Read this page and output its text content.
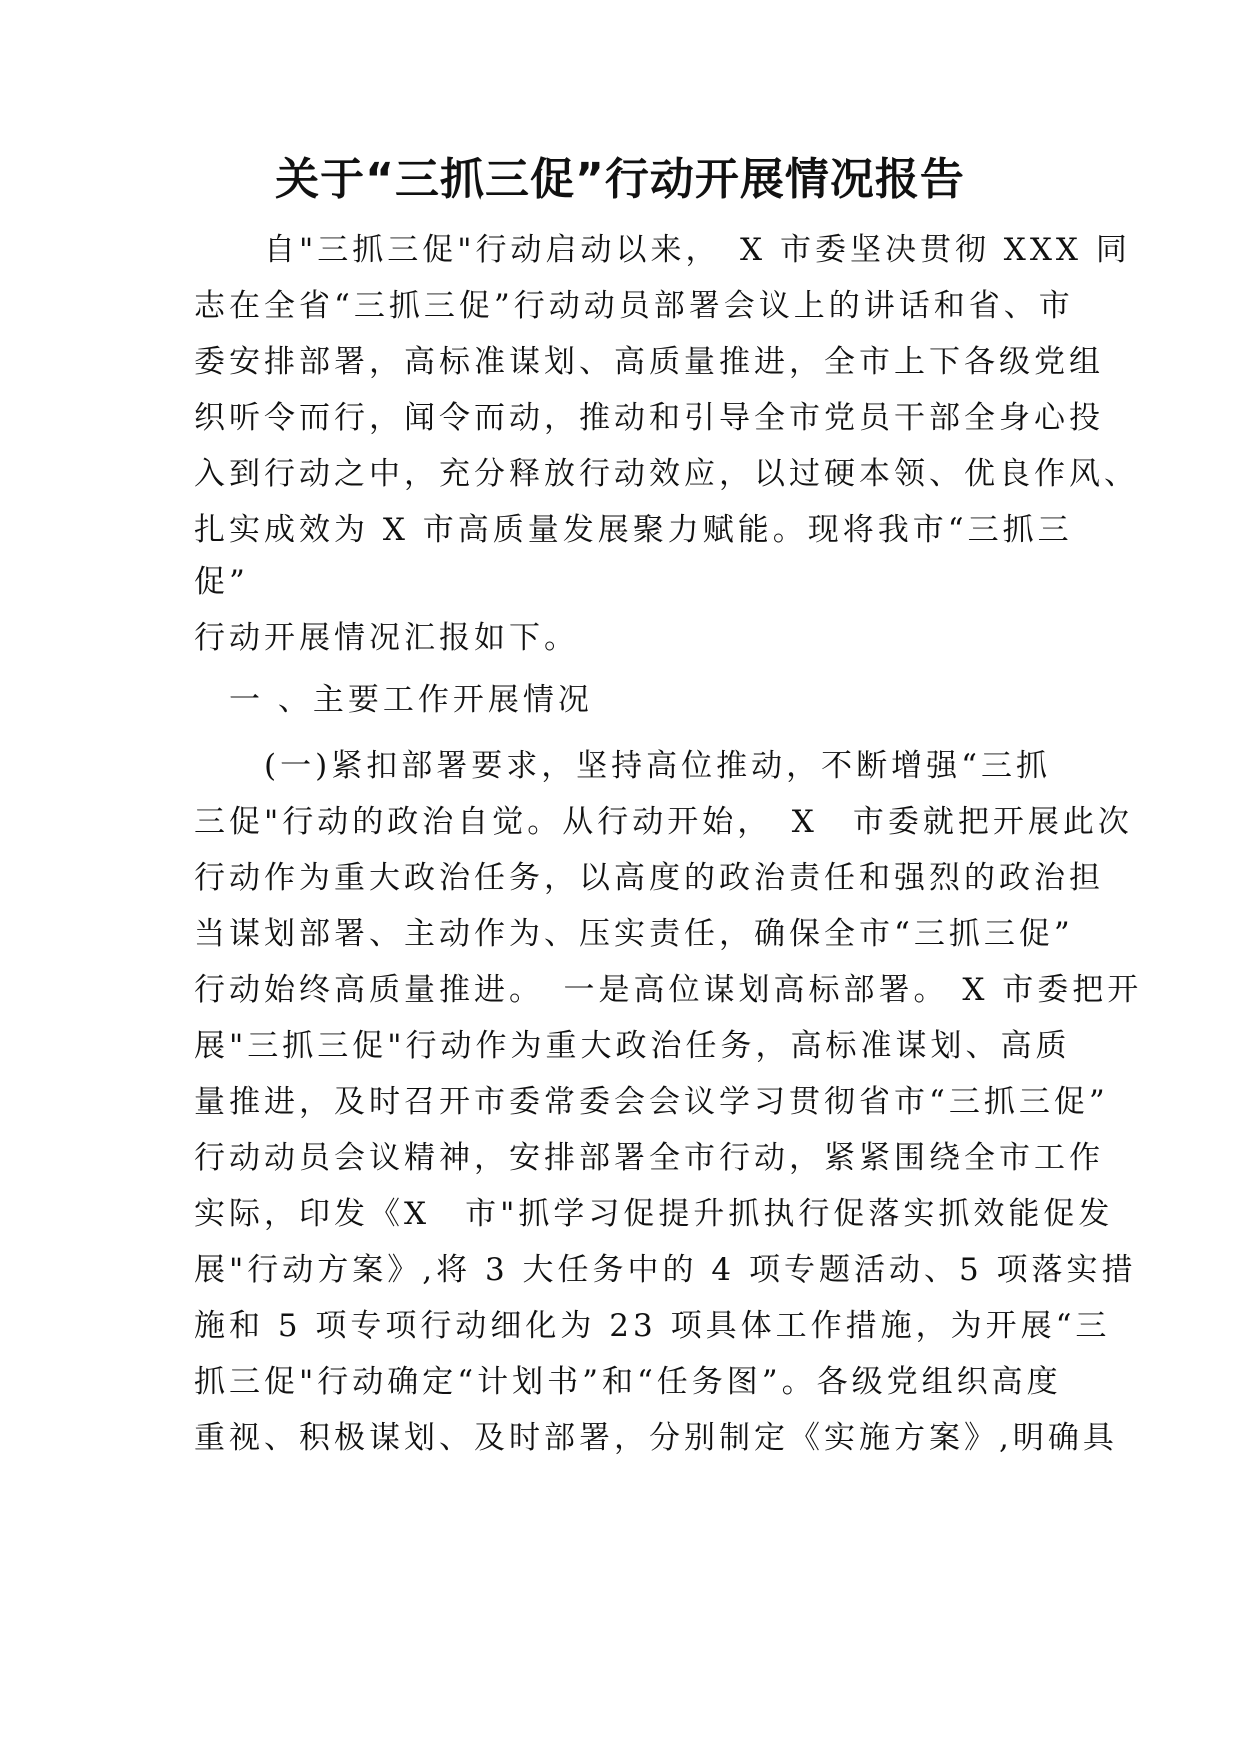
关于“三抓三促”行动开展情况报告
　　自"三抓三促"行动启动以来，　X 市委坚决贯彻 XXX 同
志在全省“三抓三促”行动动员部署会议上的讲话和省、市
委安排部署，高标准谋划、高质量推进，全市上下各级党组
织听令而行，闻令而动，推动和引导全市党员干部全身心投
入到行动之中，充分释放行动效应，以过硬本领、优良作风、
扎实成效为 X 市高质量发展聚力赋能。现将我市“三抓三
促”
行动开展情况汇报如下。
　一 、主要工作开展情况
　　(一)紧扣部署要求，坚持高位推动，不断增强“三抓
三促"行动的政治自觉。从行动开始，　X　市委就把开展此次
行动作为重大政治任务，以高度的政治责任和强烈的政治担
当谋划部署、主动作为、压实责任，确保全市“三抓三促”
行动始终高质量推进。　一是高位谋划高标部署。 X 市委把开
展"三抓三促"行动作为重大政治任务，高标准谋划、高质
量推进，及时召开市委常委会会议学习贯彻省市“三抓三促”
行动动员会议精神，安排部署全市行动，紧紧围绕全市工作
实际，印发《X　市"抓学习促提升抓执行促落实抓效能促发
展"行动方案》,将 3 大任务中的 4 项专题活动、5 项落实措
施和 5 项专项行动细化为 23 项具体工作措施，为开展“三
抓三促"行动确定“计划书”和“任务图”。各级党组织高度
重视、积极谋划、及时部署，分别制定《实施方案》,明确具
